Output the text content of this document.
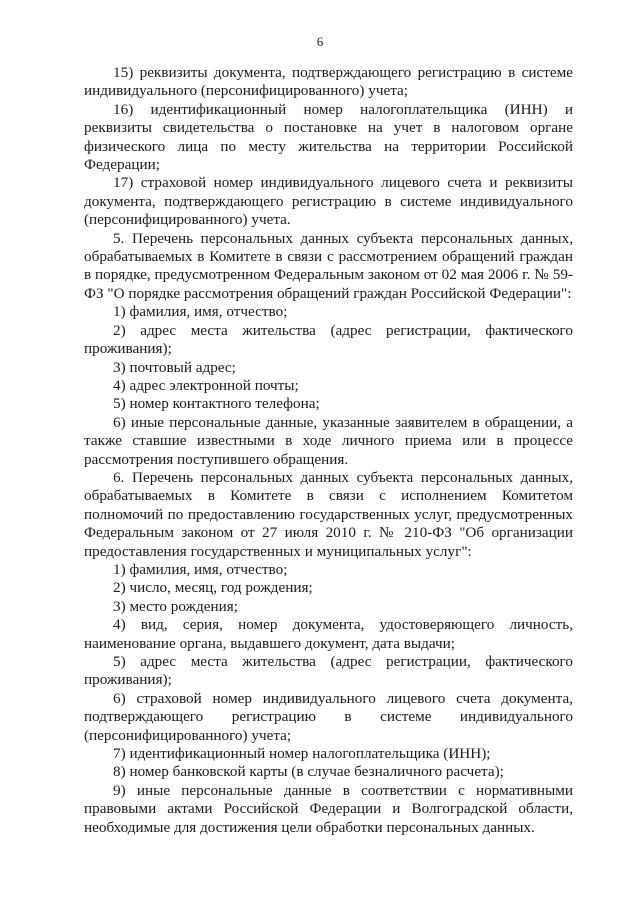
6

15) реквизиты документа, подтверждающего регистрацию в системе индивидуального (персонифицированного) учета;

16) идентификационный номер налогоплательщика (ИНН) и реквизиты свидетельства о постановке на учет в налоговом органе физического лица по месту жительства на территории Российской Федерации;

17) страховой номер индивидуального лицевого счета и реквизиты документа, подтверждающего регистрацию в системе индивидуального (персонифицированного) учета.

5. Перечень персональных данных субъекта персональных данных, обрабатываемых в Комитете в связи с рассмотрением обращений граждан в порядке, предусмотренном Федеральным законом от 02 мая 2006 г. № 59-ФЗ "О порядке рассмотрения обращений граждан Российской Федерации":

1) фамилия, имя, отчество;

2) адрес места жительства (адрес регистрации, фактического проживания);

3) почтовый адрес;

4) адрес электронной почты;

5) номер контактного телефона;

6) иные персональные данные, указанные заявителем в обращении, а также ставшие известными в ходе личного приема или в процессе рассмотрения поступившего обращения.

6. Перечень персональных данных субъекта персональных данных, обрабатываемых в Комитете в связи с исполнением Комитетом полномочий по предоставлению государственных услуг, предусмотренных Федеральным законом от 27 июля 2010 г. № 210-ФЗ "Об организации предоставления государственных и муниципальных услуг":

1) фамилия, имя, отчество;

2) число, месяц, год рождения;

3) место рождения;

4) вид, серия, номер документа, удостоверяющего личность, наименование органа, выдавшего документ, дата выдачи;

5) адрес места жительства (адрес регистрации, фактического проживания);

6) страховой номер индивидуального лицевого счета документа, подтверждающего регистрацию в системе индивидуального (персонифицированного) учета;

7) идентификационный номер налогоплательщика (ИНН);

8) номер банковской карты (в случае безналичного расчета);

9) иные персональные данные в соответствии с нормативными правовыми актами Российской Федерации и Волгоградской области, необходимые для достижения цели обработки персональных данных.
